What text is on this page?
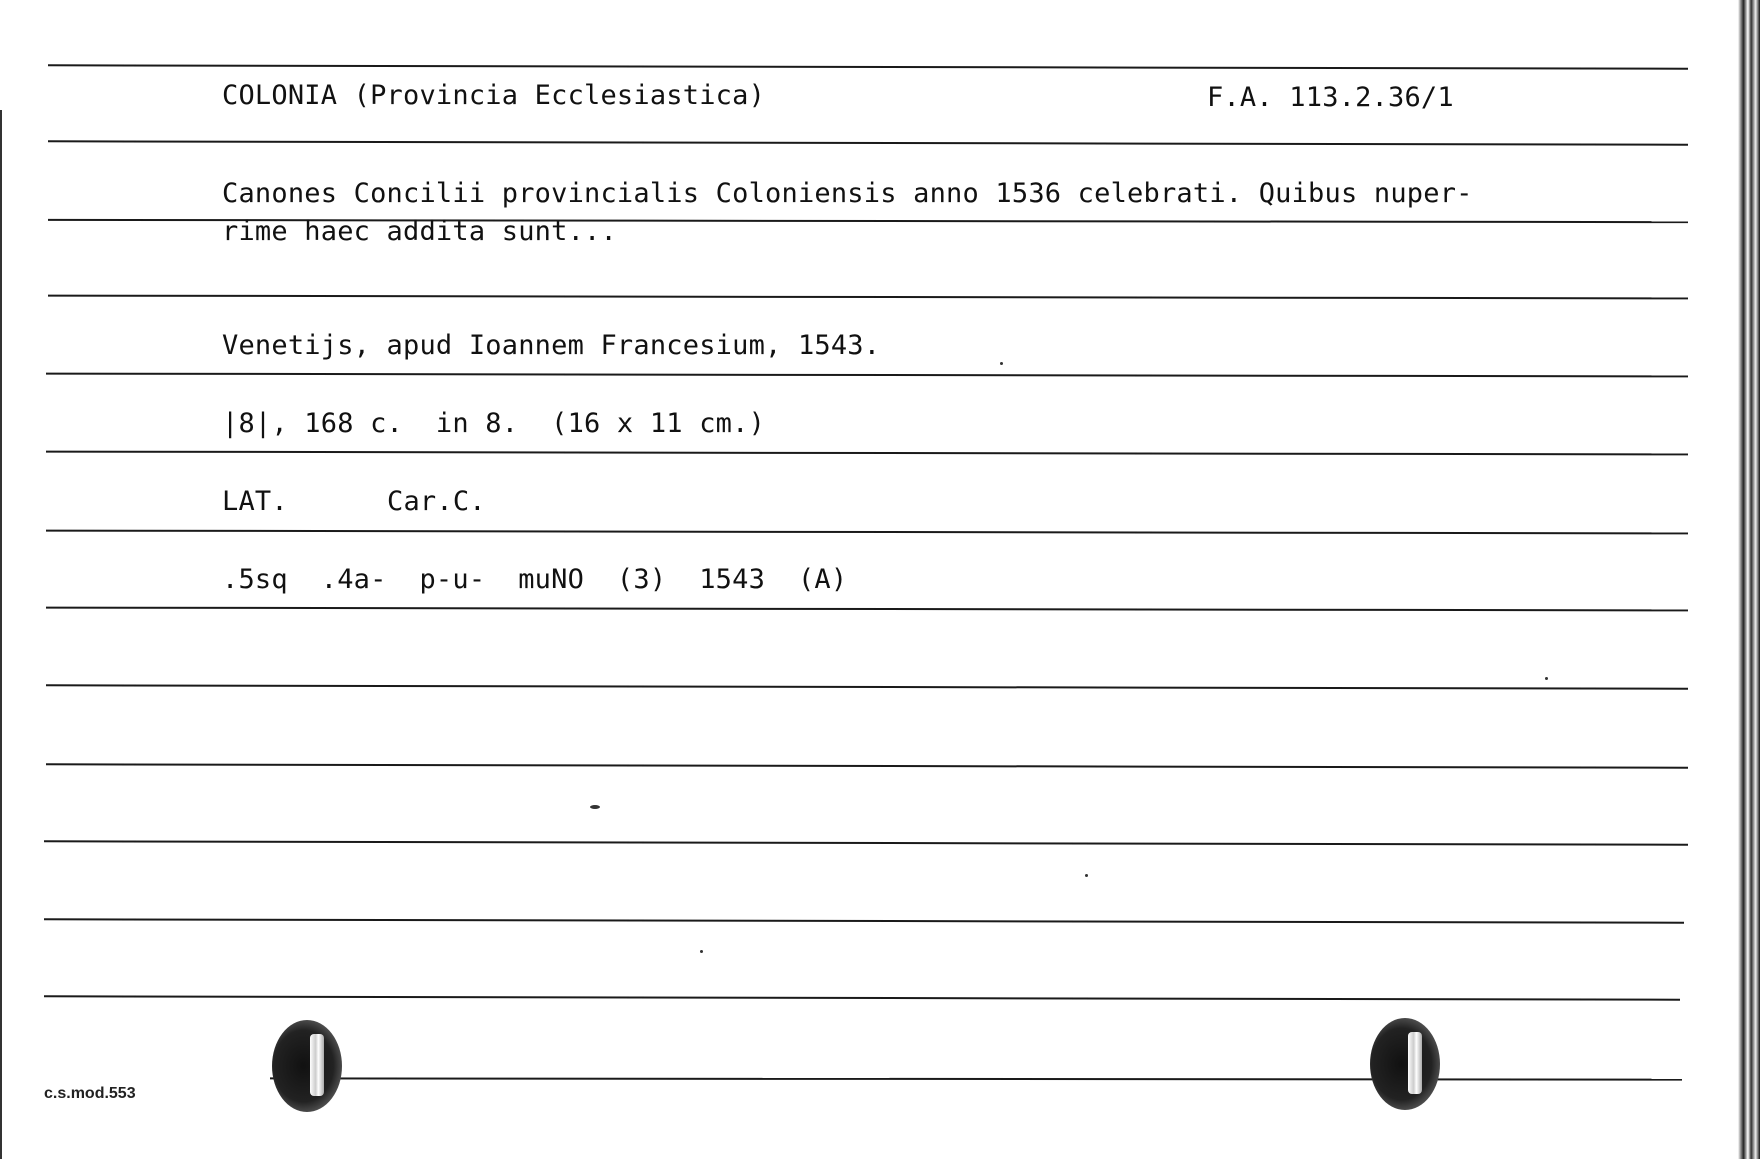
COLONIA (Provincia Ecclesiastica)	F.A. 113.2.36/1
Canones Concilii provincialis Coloniensis anno 1536 celebrati. Quibus nuper-
rime haec addita sunt...
Venetijs, apud Ioannem Francesium, 1543.
|8|, 168 c.  in 8.  (16 x 11 cm.)
LAT.	Car.C.
.5sq  .4a-  p-u-  muNO  (3)  1543  (A)
c.s.mod.553
